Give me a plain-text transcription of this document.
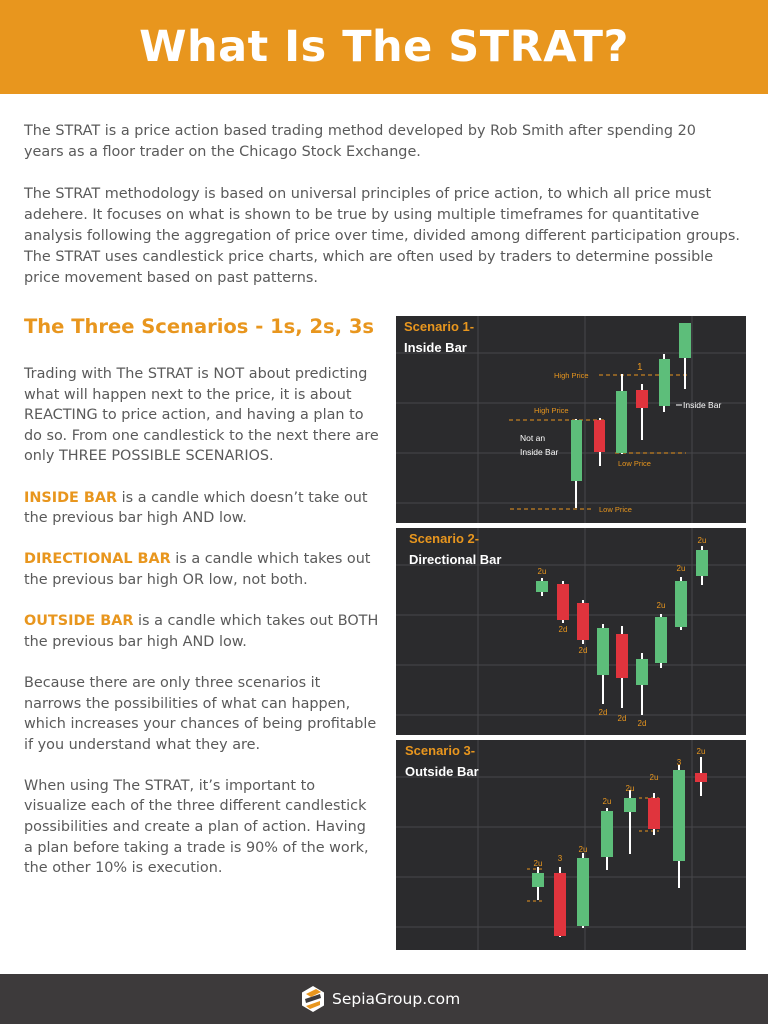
What Is The STRAT?

The STRAT is a price action based trading method developed by Rob Smith after spending 20 years as a floor trader on the Chicago Stock Exchange.

The STRAT methodology is based on universal principles of price action, to which all price must adehere. It focuses on what is shown to be true by using multiple timeframes for quantitative analysis following the aggregation of price over time, divided among different participation groups. The STRAT uses candlestick price charts, which are often used by traders to determine possible price movement based on past patterns.

The Three Scenarios - 1s, 2s, 3s

Trading with The STRAT is NOT about predicting what will happen next to the price, it is about REACTING to price action, and having a plan to do so. From one candlestick to the next there are only THREE POSSIBLE SCENARIOS.

INSIDE BAR is a candle which doesn’t take out the previous bar high AND low.

DIRECTIONAL BAR is a candle which takes out the previous bar high OR low, not both.

OUTSIDE BAR is a candle which takes out BOTH the previous bar high AND low.

Because there are only three scenarios it narrows the possibilities of what can happen, which increases your chances of being profitable if you understand what they are.

When using The STRAT, it’s important to visualize each of the three different candlestick possibilities and create a plan of action. Having a plan before taking a trade is 90% of the work, the other 10% is execution.

Scenario 1-
Inside Bar
High Price
High Price
Low Price
Low Price
1
Not an
Inside Bar
Inside Bar
Scenario 2-
Directional Bar
2u
2d
2d
2d
2d
2d
2u
2u
2u
Scenario 3-
Outside Bar
2u
3
2u
2u
2u
2u
3
2u
SepiaGroup.com
